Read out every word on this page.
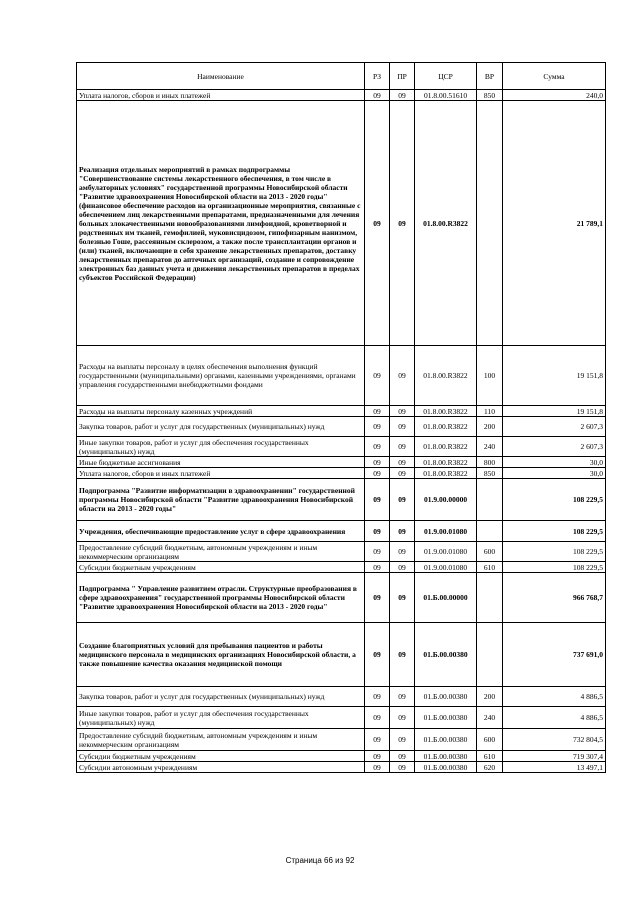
Наименование	РЗ	ПР	ЦСР	ВР	Сумма
Уплата налогов, сборов и иных платежей	09	09	01.8.00.51610	850	240,0
Реализация отдельных мероприятий в рамках подпрограммы "Совершенствование системы лекарственного обеспечения, в том числе в амбулаторных условиях" государственной программы Новосибирской области "Развитие здравоохранения Новосибирской области на 2013 - 2020 годы" (финансовое обеспечение расходов на организационные мероприятия, связанные с обеспечением лиц лекарственными препаратами, предназначенными для лечения больных злокачественными новообразованиями лимфоидной, кроветворной и родственных им тканей, гемофилией, муковисцидозом, гипофизарным нанизмом, болезнью Гоше, рассеянным склерозом, а также после трансплантации органов и (или) тканей, включающие в себя хранение лекарственных препаратов, доставку лекарственных препаратов до аптечных организаций, создание и сопровождение электронных баз данных учета и движения лекарственных препаратов в пределах субъектов Российской Федерации)	09	09	01.8.00.R3822		21 789,1
Расходы на выплаты персоналу в целях обеспечения выполнения функций государственными (муниципальными) органами, казенными учреждениями, органами управления государственными внебюджетными фондами	09	09	01.8.00.R3822	100	19 151,8
Расходы на выплаты персоналу казенных учреждений	09	09	01.8.00.R3822	110	19 151,8
Закупка товаров, работ и услуг для государственных (муниципальных) нужд	09	09	01.8.00.R3822	200	2 607,3
Иные закупки товаров, работ и услуг для обеспечения государственных (муниципальных) нужд	09	09	01.8.00.R3822	240	2 607,3
Иные бюджетные ассигнования	09	09	01.8.00.R3822	800	30,0
Уплата налогов, сборов и иных платежей	09	09	01.8.00.R3822	850	30,0
Подпрограмма "Развитие информатизации в здравоохранении" государственной программы Новосибирской области "Развитие здравоохранения Новосибирской области на 2013 - 2020 годы"	09	09	01.9.00.00000		108 229,5
Учреждения, обеспечивающие предоставление услуг в сфере здравоохранения	09	09	01.9.00.01080		108 229,5
Предоставление субсидий бюджетным, автономным учреждениям и иным некоммерческим организациям	09	09	01.9.00.01080	600	108 229,5
Субсидии бюджетным учреждениям	09	09	01.9.00.01080	610	108 229,5
Подпрограмма " Управление развитием отрасли. Структурные преобразования в сфере здравоохранения" государственной программы Новосибирской области "Развитие здравоохранения Новосибирской области на 2013 - 2020 годы"	09	09	01.Б.00.00000		966 768,7
Создание благоприятных условий для пребывания пациентов и работы медицинского персонала в медицинских организациях Новосибирской области, а также повышение качества оказания медицинской помощи	09	09	01.Б.00.00380		737 691,0
Закупка товаров, работ и услуг для государственных (муниципальных) нужд	09	09	01.Б.00.00380	200	4 886,5
Иные закупки товаров, работ и услуг для обеспечения государственных (муниципальных) нужд	09	09	01.Б.00.00380	240	4 886,5
Предоставление субсидий бюджетным, автономным учреждениям и иным некоммерческим организациям	09	09	01.Б.00.00380	600	732 804,5
Субсидии бюджетным учреждениям	09	09	01.Б.00.00380	610	719 307,4
Субсидии автономным учреждениям	09	09	01.Б.00.00380	620	13 497,1
Страница 66 из 92
